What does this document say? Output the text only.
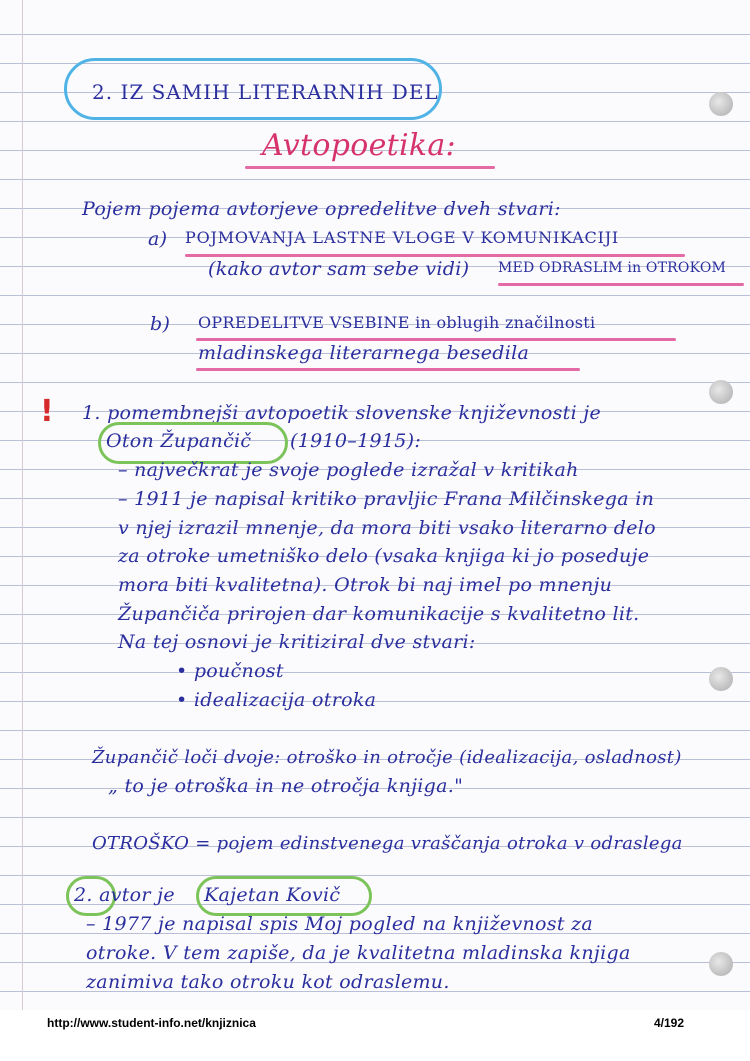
2. IZ SAMIH LITERARNIH DEL
Avtopoetika:
Pojem pojema avtorjeve opredelitve dveh stvari:
a) POJMOVANJA LASTNE VLOGE V KOMUNIKACIJI
(kako avtor sam sebe vidi) MED ODRASLIM in OTROKOM
b) OPREDELITVE VSEBINE in oblugih značilnosti
mladinskega literarnega besedila
! 1. pomembnejši avtopoetik slovenske književnosti je
Oton Župančič (1910–1915):
– največkrat je svoje poglede izražal v kritikah
– 1911 je napisal kritiko pravljic Frana Milčinskega in
v njej izrazil mnenje, da mora biti vsako literarno delo
za otroke umetniško delo (vsaka knjiga ki jo poseduje
mora biti kvalitetna). Otrok bi naj imel po mnenju
Župančiča prirojen dar komunikacije s kvalitetno lit.
Na tej osnovi je kritiziral dve stvari:
• poučnost
• idealizacija otroka
Župančič loči dvoje: otroško in otročje (idealizacija, osladnost)
„ to je otroška in ne otročja knjiga."
OTROŠKO = pojem edinstvenega vraščanja otroka v odraslega
2. avtor je Kajetan Kovič
– 1977 je napisal spis Moj pogled na književnost za
otroke. V tem zapiše, da je kvalitetna mladinska knjiga
zanimiva tako otroku kot odraslemu.
http://www.student-info.net/knjiznica	4/192
